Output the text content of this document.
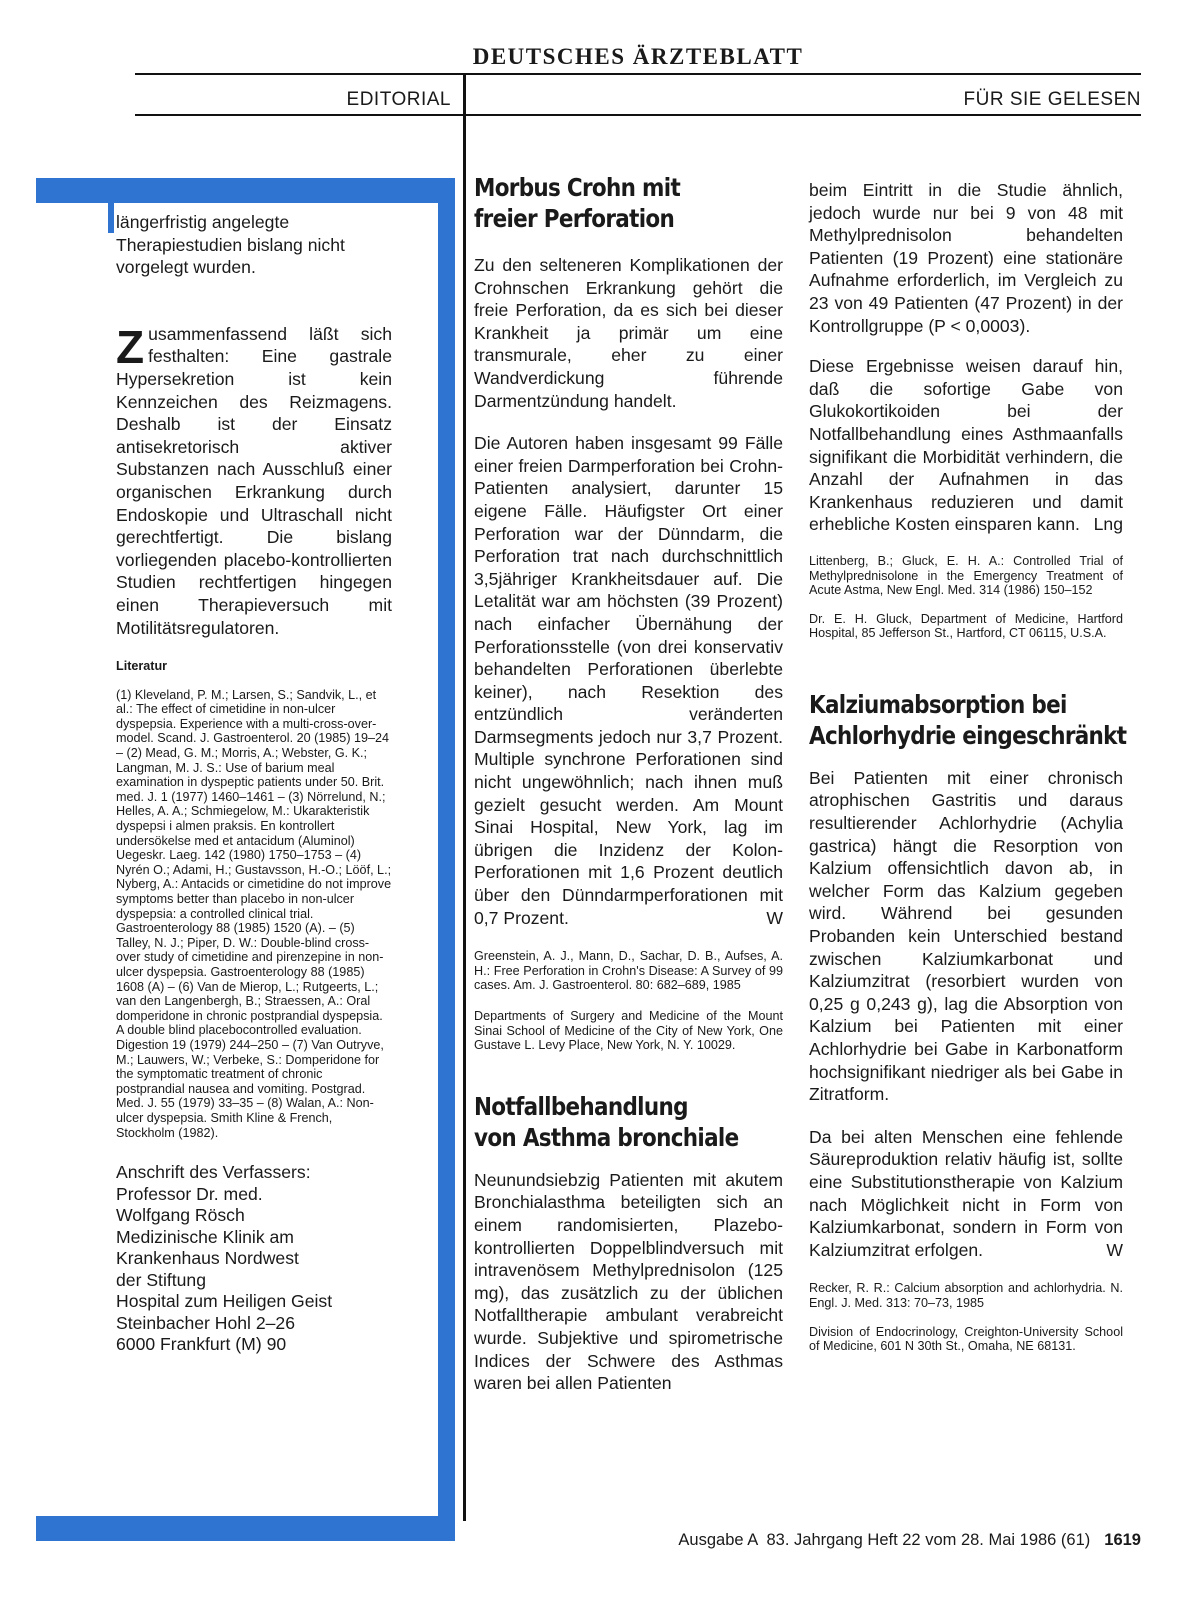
DEUTSCHES ÄRZTEBLATT
EDITORIAL	FÜR SIE GELESEN

längerfristig angelegte Therapiestudien bislang nicht vorgelegt wurden.

Zusammenfassend läßt sich festhalten: Eine gastrale Hypersekretion ist kein Kennzeichen des Reizmagens. Deshalb ist der Einsatz antisekretorisch aktiver Substanzen nach Ausschluß einer organischen Erkrankung durch Endoskopie und Ultraschall nicht gerechtfertigt. Die bislang vorliegenden placebo-kontrollierten Studien rechtfertigen hingegen einen Therapieversuch mit Motilitätsregulatoren.

Literatur

(1) Kleveland, P. M.; Larsen, S.; Sandvik, L., et al.: The effect of cimetidine in non-ulcer dyspepsia. Experience with a multi-cross-over-model. Scand. J. Gastroenterol. 20 (1985) 19–24 – (2) Mead, G. M.; Morris, A.; Webster, G. K.; Langman, M. J. S.: Use of barium meal examination in dyspeptic patients under 50. Brit. med. J. 1 (1977) 1460–1461 – (3) Nörrelund, N.; Helles, A. A.; Schmiegelow, M.: Ukarakteristik dyspepsi i almen praksis. En kontrollert undersökelse med et antacidum (Aluminol) Uegeskr. Laeg. 142 (1980) 1750–1753 – (4) Nyrén O.; Adami, H.; Gustavsson, H.-O.; Lööf, L.; Nyberg, A.: Antacids or cimetidine do not improve symptoms better than placebo in non-ulcer dyspepsia: a controlled clinical trial. Gastroenterology 88 (1985) 1520 (A). – (5) Talley, N. J.; Piper, D. W.: Double-blind cross-over study of cimetidine and pirenzepine in non-ulcer dyspepsia. Gastroenterology 88 (1985) 1608 (A) – (6) Van de Mierop, L.; Rutgeerts, L.; van den Langenbergh, B.; Straessen, A.: Oral domperidone in chronic postprandial dyspepsia. A double blind placebocontrolled evaluation. Digestion 19 (1979) 244–250 – (7) Van Outryve, M.; Lauwers, W.; Verbeke, S.: Domperidone for the symptomatic treatment of chronic postprandial nausea and vomiting. Postgrad. Med. J. 55 (1979) 33–35 – (8) Walan, A.: Non-ulcer dyspepsia. Smith Kline & French, Stockholm (1982).

Anschrift des Verfassers:
Professor Dr. med.
Wolfgang Rösch
Medizinische Klinik am
Krankenhaus Nordwest
der Stiftung
Hospital zum Heiligen Geist
Steinbacher Hohl 2–26
6000 Frankfurt (M) 90
Morbus Crohn mit
freier Perforation

Zu den selteneren Komplikationen der Crohnschen Erkrankung gehört die freie Perforation, da es sich bei dieser Krankheit ja primär um eine transmurale, eher zu einer Wandverdickung führende Darmentzündung handelt.

Die Autoren haben insgesamt 99 Fälle einer freien Darmperforation bei Crohn-Patienten analysiert, darunter 15 eigene Fälle. Häufigster Ort einer Perforation war der Dünndarm, die Perforation trat nach durchschnittlich 3,5jähriger Krankheitsdauer auf. Die Letalität war am höchsten (39 Prozent) nach einfacher Übernähung der Perforationsstelle (von drei konservativ behandelten Perforationen überlebte keiner), nach Resektion des entzündlich veränderten Darmsegments jedoch nur 3,7 Prozent. Multiple synchrone Perforationen sind nicht ungewöhnlich; nach ihnen muß gezielt gesucht werden. Am Mount Sinai Hospital, New York, lag im übrigen die Inzidenz der Kolon-Perforationen mit 1,6 Prozent deutlich über den Dünndarmperforationen mit 0,7 Prozent.	W

Greenstein, A. J., Mann, D., Sachar, D. B., Aufses, A. H.: Free Perforation in Crohn's Disease: A Survey of 99 cases. Am. J. Gastroenterol. 80: 682–689, 1985

Departments of Surgery and Medicine of the Mount Sinai School of Medicine of the City of New York, One Gustave L. Levy Place, New York, N. Y. 10029.

Notfallbehandlung
von Asthma bronchiale

Neunundsiebzig Patienten mit akutem Bronchialasthma beteiligten sich an einem randomisierten, Plazebo-kontrollierten Doppelblindversuch mit intravenösem Methylprednisolon (125 mg), das zusätzlich zu der üblichen Notfalltherapie ambulant verabreicht wurde. Subjektive und spirometrische Indices der Schwere des Asthmas waren bei allen Patienten

beim Eintritt in die Studie ähnlich, jedoch wurde nur bei 9 von 48 mit Methylprednisolon behandelten Patienten (19 Prozent) eine stationäre Aufnahme erforderlich, im Vergleich zu 23 von 49 Patienten (47 Prozent) in der Kontrollgruppe (P < 0,0003).

Diese Ergebnisse weisen darauf hin, daß die sofortige Gabe von Glukokortikoiden bei der Notfallbehandlung eines Asthmaanfalls signifikant die Morbidität verhindern, die Anzahl der Aufnahmen in das Krankenhaus reduzieren und damit erhebliche Kosten einsparen kann. Lng

Littenberg, B.; Gluck, E. H. A.: Controlled Trial of Methylprednisolone in the Emergency Treatment of Acute Astma, New Engl. Med. 314 (1986) 150–152

Dr. E. H. Gluck, Department of Medicine, Hartford Hospital, 85 Jefferson St., Hartford, CT 06115, U.S.A.

Kalziumabsorption bei
Achlorhydrie eingeschränkt

Bei Patienten mit einer chronisch atrophischen Gastritis und daraus resultierender Achlorhydrie (Achylia gastrica) hängt die Resorption von Kalzium offensichtlich davon ab, in welcher Form das Kalzium gegeben wird. Während bei gesunden Probanden kein Unterschied bestand zwischen Kalziumkarbonat und Kalziumzitrat (resorbiert wurden von 0,25 g 0,243 g), lag die Absorption von Kalzium bei Patienten mit einer Achlorhydrie bei Gabe in Karbonatform hochsignifikant niedriger als bei Gabe in Zitratform.

Da bei alten Menschen eine fehlende Säureproduktion relativ häufig ist, sollte eine Substitutionstherapie von Kalzium nach Möglichkeit nicht in Form von Kalziumkarbonat, sondern in Form von Kalziumzitrat erfolgen.	W

Recker, R. R.: Calcium absorption and achlorhydria. N. Engl. J. Med. 313: 70–73, 1985

Division of Endocrinology, Creighton-University School of Medicine, 601 N 30th St., Omaha, NE 68131.

Ausgabe A  83. Jahrgang Heft 22 vom 28. Mai 1986 (61) 1619
